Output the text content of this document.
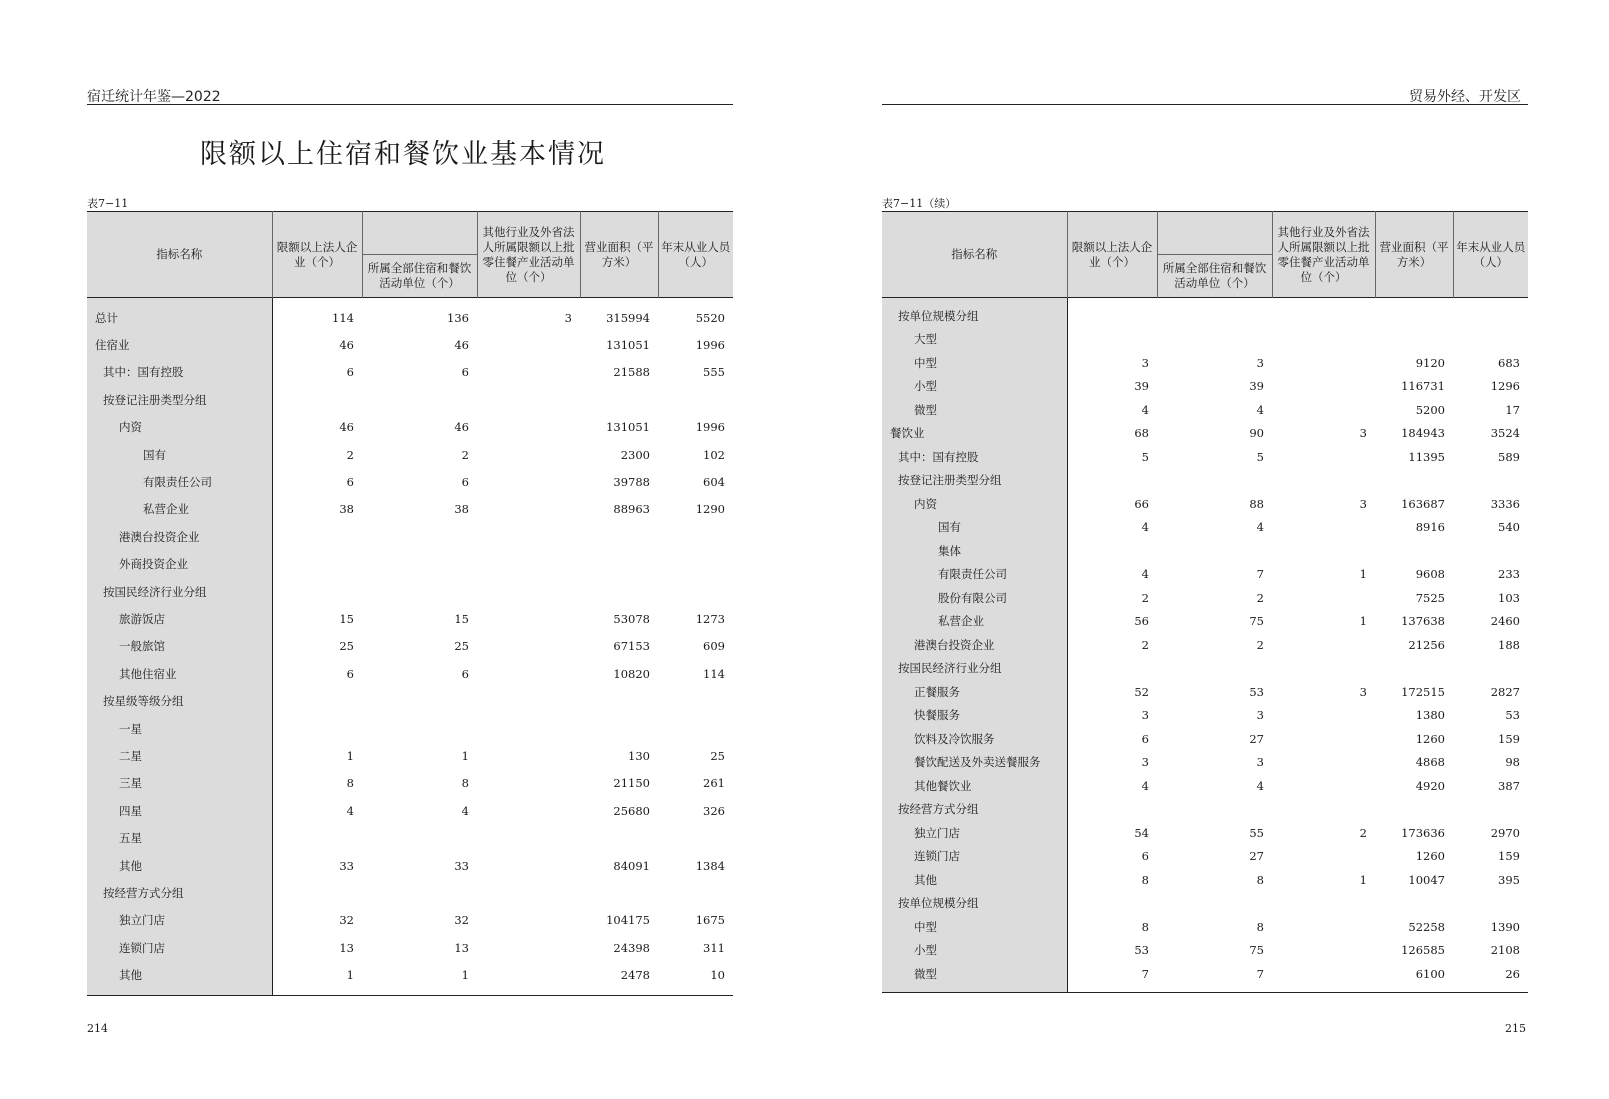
宿迁统计年鉴—2022
限额以上住宿和餐饮业基本情况
表7−11
指标名称	限额以上法人企业（个）		其他行业及外省法人所属限额以上批零住餐产业活动单位（个）	营业面积（平方米）	年末从业人员（人）
		所属全部住宿和餐饮活动单位（个）			

总计	114	136	3	315994	5520
住宿业	46	46		131051	1996
其中：国有控股	6	6		21588	555
按登记注册类型分组					
内资	46	46		131051	1996
国有	2	2		2300	102
有限责任公司	6	6		39788	604
私营企业	38	38		88963	1290
港澳台投资企业					
外商投资企业					
按国民经济行业分组					
旅游饭店	15	15		53078	1273
一般旅馆	25	25		67153	609
其他住宿业	6	6		10820	114
按星级等级分组					
一星					
二星	1	1		130	25
三星	8	8		21150	261
四星	4	4		25680	326
五星					
其他	33	33		84091	1384
按经营方式分组					
独立门店	32	32		104175	1675
连锁门店	13	13		24398	311
其他	1	1		2478	10

214
贸易外经、开发区
表7−11（续）
指标名称	限额以上法人企业（个）		其他行业及外省法人所属限额以上批零住餐产业活动单位（个）	营业面积（平方米）	年末从业人员（人）
		所属全部住宿和餐饮活动单位（个）			

按单位规模分组					
大型					
中型	3	3		9120	683
小型	39	39		116731	1296
微型	4	4		5200	17
餐饮业	68	90	3	184943	3524
其中：国有控股	5	5		11395	589
按登记注册类型分组					
内资	66	88	3	163687	3336
国有	4	4		8916	540
集体					
有限责任公司	4	7	1	9608	233
股份有限公司	2	2		7525	103
私营企业	56	75	1	137638	2460
港澳台投资企业	2	2		21256	188
按国民经济行业分组					
正餐服务	52	53	3	172515	2827
快餐服务	3	3		1380	53
饮料及冷饮服务	6	27		1260	159
餐饮配送及外卖送餐服务	3	3		4868	98
其他餐饮业	4	4		4920	387
按经营方式分组					
独立门店	54	55	2	173636	2970
连锁门店	6	27		1260	159
其他	8	8	1	10047	395
按单位规模分组					
中型	8	8		52258	1390
小型	53	75		126585	2108
微型	7	7		6100	26

215
